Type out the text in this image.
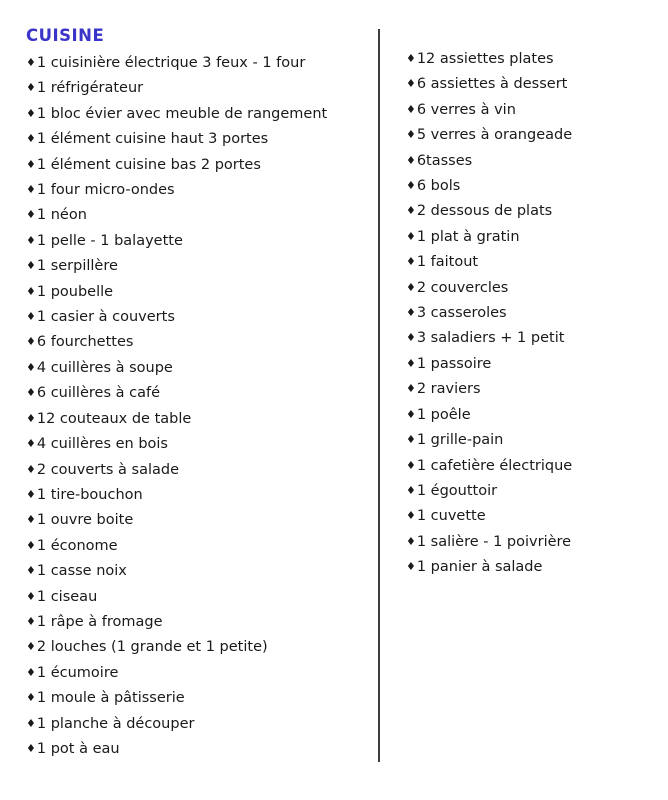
CUISINE
♦ 1 cuisinière électrique 3 feux - 1 four
♦ 1 réfrigérateur
♦ 1 bloc évier avec meuble de rangement
♦ 1 élément cuisine haut 3 portes
♦ 1 élément cuisine bas 2 portes
♦ 1 four micro-ondes
♦ 1 néon
♦ 1 pelle - 1 balayette
♦ 1 serpillère
♦ 1 poubelle
♦ 1 casier à couverts
♦ 6 fourchettes
♦ 4 cuillères à soupe
♦ 6 cuillères à café
♦ 12 couteaux de table
♦ 4 cuillères en bois
♦ 2 couverts à salade
♦ 1 tire-bouchon
♦ 1 ouvre boite
♦ 1 économe
♦ 1 casse noix
♦ 1 ciseau
♦ 1 râpe à fromage
♦ 2 louches (1 grande et 1 petite)
♦ 1 écumoire
♦ 1 moule à pâtisserie
♦ 1 planche à découper
♦ 1 pot à eau
♦ 12 assiettes plates
♦ 6 assiettes à dessert
♦ 6 verres à vin
♦ 5 verres à orangeade
♦ 6tasses
♦ 6 bols
♦ 2 dessous de plats
♦ 1 plat à gratin
♦ 1 faitout
♦ 2 couvercles
♦ 3 casseroles
♦ 3 saladiers + 1 petit
♦ 1 passoire
♦ 2 raviers
♦ 1 poêle
♦ 1 grille-pain
♦ 1 cafetière électrique
♦ 1 égouttoir
♦ 1 cuvette
♦ 1 salière - 1 poivrière
♦ 1 panier à salade
